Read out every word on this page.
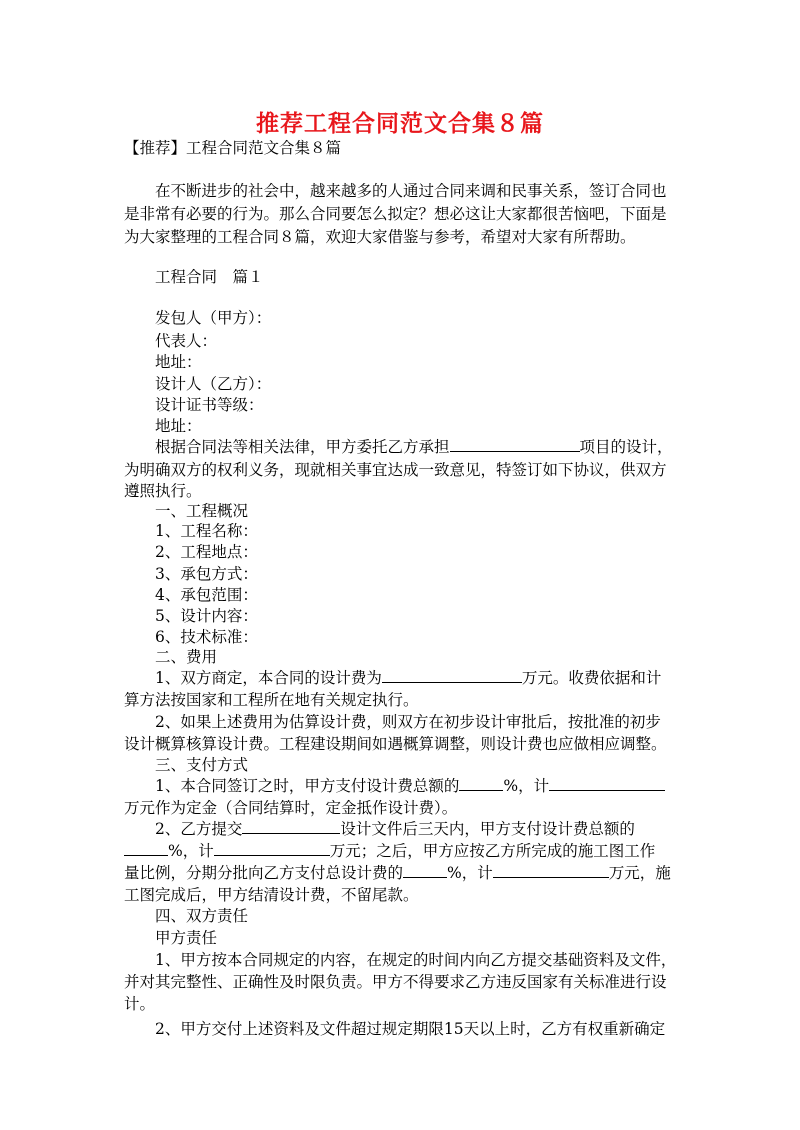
推荐工程合同范文合集８篇
【推荐】工程合同范文合集８篇
在不断进步的社会中，越来越多的人通过合同来调和民事关系，签订合同也
是非常有必要的行为。那么合同要怎么拟定？想必这让大家都很苦恼吧，下面是
为大家整理的工程合同８篇，欢迎大家借鉴与参考，希望对大家有所帮助。
工程合同　篇１
发包人（甲方）：
代表人：
地址：
设计人（乙方）：
设计证书等级：
地址：
根据合同法等相关法律，甲方委托乙方承担	项目的设计，
为明确双方的权利义务，现就相关事宜达成一致意见，特签订如下协议，供双方
遵照执行。
一、工程概况
1、工程名称：
2、工程地点：
3、承包方式：
4、承包范围：
5、设计内容：
6、技术标准：
二、费用
1、双方商定，本合同的设计费为	万元。收费依据和计
算方法按国家和工程所在地有关规定执行。
2、如果上述费用为估算设计费，则双方在初步设计审批后，按批准的初步
设计概算核算设计费。工程建设期间如遇概算调整，则设计费也应做相应调整。
三、支付方式
1、本合同签订之时，甲方支付设计费总额的	%，计
万元作为定金（合同结算时，定金抵作设计费）。
2、乙方提交	设计文件后三天内，甲方支付设计费总额的
%，计	万元；之后，甲方应按乙方所完成的施工图工作
量比例，分期分批向乙方支付总设计费的	%，计	万元，施
工图完成后，甲方结清设计费，不留尾款。
四、双方责任
甲方责任
1、甲方按本合同规定的内容，在规定的时间内向乙方提交基础资料及文件，
并对其完整性、正确性及时限负责。甲方不得要求乙方违反国家有关标准进行设
计。
2、甲方交付上述资料及文件超过规定期限15天以上时，乙方有权重新确定
